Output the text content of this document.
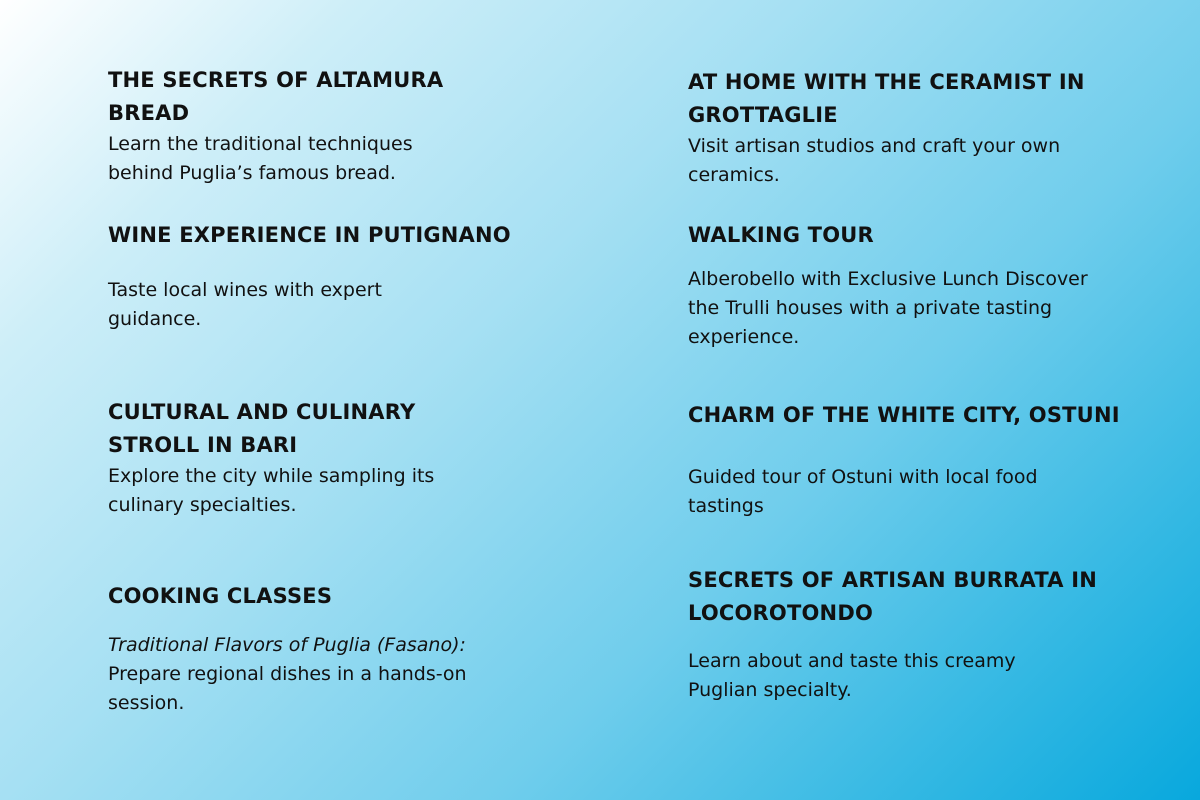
THE SECRETS OF ALTAMURA BREAD

Learn the traditional techniques behind Puglia’s famous bread.

WINE EXPERIENCE IN PUTIGNANO

Taste local wines with expert guidance.

CULTURAL AND CULINARY STROLL IN BARI

Explore the city while sampling its culinary specialties.

COOKING CLASSES

Traditional Flavors of Puglia (Fasano):
Prepare regional dishes in a hands-on session.

AT HOME WITH THE CERAMIST IN GROTTAGLIE

Visit artisan studios and craft your own ceramics.

WALKING TOUR

Alberobello with Exclusive Lunch Discover the Trulli houses with a private tasting experience.

CHARM OF THE WHITE CITY, OSTUNI

Guided tour of Ostuni with local food tastings

SECRETS OF ARTISAN BURRATA IN LOCOROTONDO

Learn about and taste this creamy Puglian specialty.
